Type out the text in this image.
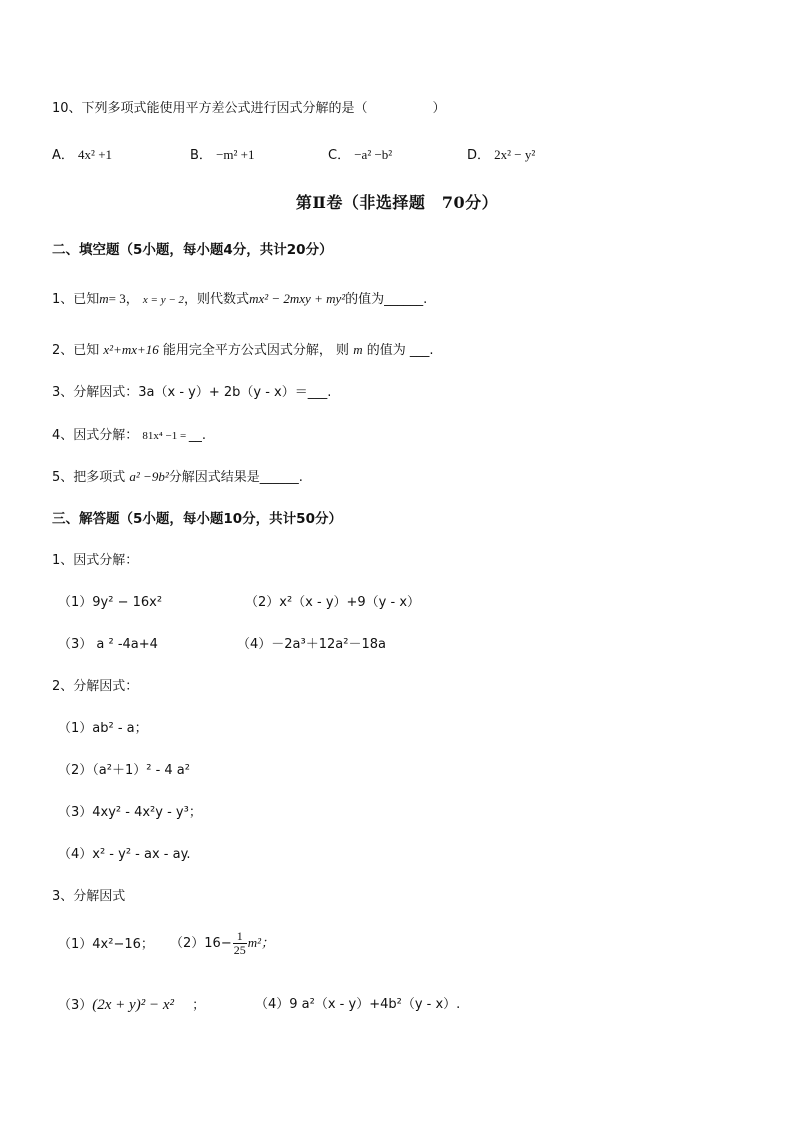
10、下列多项式能使用平方差公式进行因式分解的是（　　　　　）
A． 4x² +1	B． −m² +1	C． −a² −b²	D． 2x² − y²
第Ⅱ卷（非选择题　70分）
二、填空题（5小题，每小题4分，共计20分）
1、已知m= 3， x = y − 2，则代数式mx² − 2mxy + my²的值为______.
2、已知 x²+mx+16 能用完全平方公式因式分解， 则 m 的值为 ___.
3、分解因式：3a（x - y）+ 2b（y - x）＝___.
4、因式分解： 81x⁴ −1 = __.
5、把多项式 a² −9b²分解因式结果是______.
三、解答题（5小题，每小题10分，共计50分）
1、因式分解：
（1）9y² − 16x²	（2）x²（x - y）+9（y - x）
（3） a ² -4a+4	（4）－2a³＋12a²－18a
2、分解因式：
（1）ab² - a；
（2）（a²＋1）² - 4 a²
（3）4xy² - 4x²y - y³；
（4）x² - y² - ax - ay.
3、分解因式
（1）4x²−16； $(2)16- \frac{1}{25} m^2$；
（3）(2x + y)² − x² ；	（4）9 a²（x - y）+4b²（y - x）.
